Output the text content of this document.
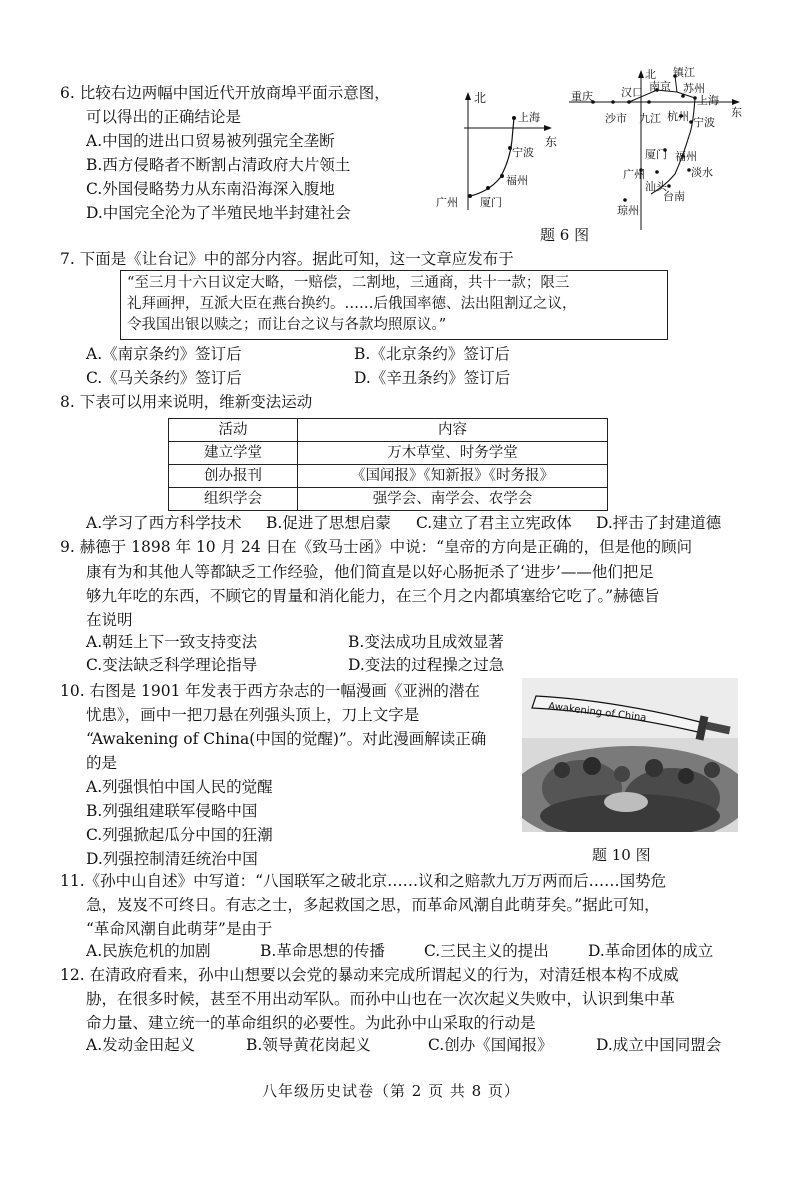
6. 比较右边两幅中国近代开放商埠平面示意图，
可以得出的正确结论是
A.中国的进出口贸易被列强完全垄断
B.西方侵略者不断割占清政府大片领土
C.外国侵略势力从东南沿海深入腹地
D.中国完全沦为了半殖民地半封建社会
北
东
上海
宁波
福州
厦门
广州
北
东
镇江
南京 苏州
上海
汉口
重庆
沙市 九江 杭州 宁波
厦门 福州
广州
汕头
淡水
台南
琼州
题 6 图
7. 下面是《让台记》中的部分内容。据此可知，这一文章应发布于
“至三月十六日议定大略，一赔偿，二割地，三通商，共十一款；限三
礼拜画押，互派大臣在燕台换约。……后俄国率德、法出阻割辽之议，
令我国出银以赎之；而让台之议与各款均照原议。”
A.《南京条约》签订后	B.《北京条约》签订后
C.《马关条约》签订后	D.《辛丑条约》签订后
8. 下表可以用来说明，维新变法运动
活动	内容
建立学堂	万木草堂、时务学堂
创办报刊	《国闻报》《知新报》《时务报》
组织学会	强学会、南学会、农学会
A.学习了西方科学技术 B.促进了思想启蒙 C.建立了君主立宪政体 D.抨击了封建道德
9. 赫德于 1898 年 10 月 24 日在《致马士函》中说：“皇帝的方向是正确的，但是他的顾问
康有为和其他人等都缺乏工作经验，他们简直是以好心肠扼杀了‘进步’——他们把足
够九年吃的东西，不顾它的胃量和消化能力，在三个月之内都填塞给它吃了。”赫德旨
在说明
A.朝廷上下一致支持变法	B.变法成功且成效显著
C.变法缺乏科学理论指导	D.变法的过程操之过急
10. 右图是 1901 年发表于西方杂志的一幅漫画《亚洲的潜在
忧患》，画中一把刀悬在列强头顶上，刀上文字是
“Awakening of China(中国的觉醒)”。对此漫画解读正确
的是
A.列强惧怕中国人民的觉醒
B.列强组建联军侵略中国
C.列强掀起瓜分中国的狂潮
D.列强控制清廷统治中国
Awakening of China
题 10 图
11.《孙中山自述》中写道：“八国联军之破北京……议和之赔款九万万两而后……国势危
急，岌岌不可终日。有志之士，多起救国之思，而革命风潮自此萌芽矣。”据此可知，
“革命风潮自此萌芽”是由于
A.民族危机的加剧	B.革命思想的传播	C.三民主义的提出	D.革命团体的成立
12. 在清政府看来，孙中山想要以会党的暴动来完成所谓起义的行为，对清廷根本构不成威
胁，在很多时候，甚至不用出动军队。而孙中山也在一次次起义失败中，认识到集中革
命力量、建立统一的革命组织的必要性。为此孙中山采取的行动是
A.发动金田起义	B.领导黄花岗起义	C.创办《国闻报》	D.成立中国同盟会
八年级历史试卷（第 2 页 共 8 页）
